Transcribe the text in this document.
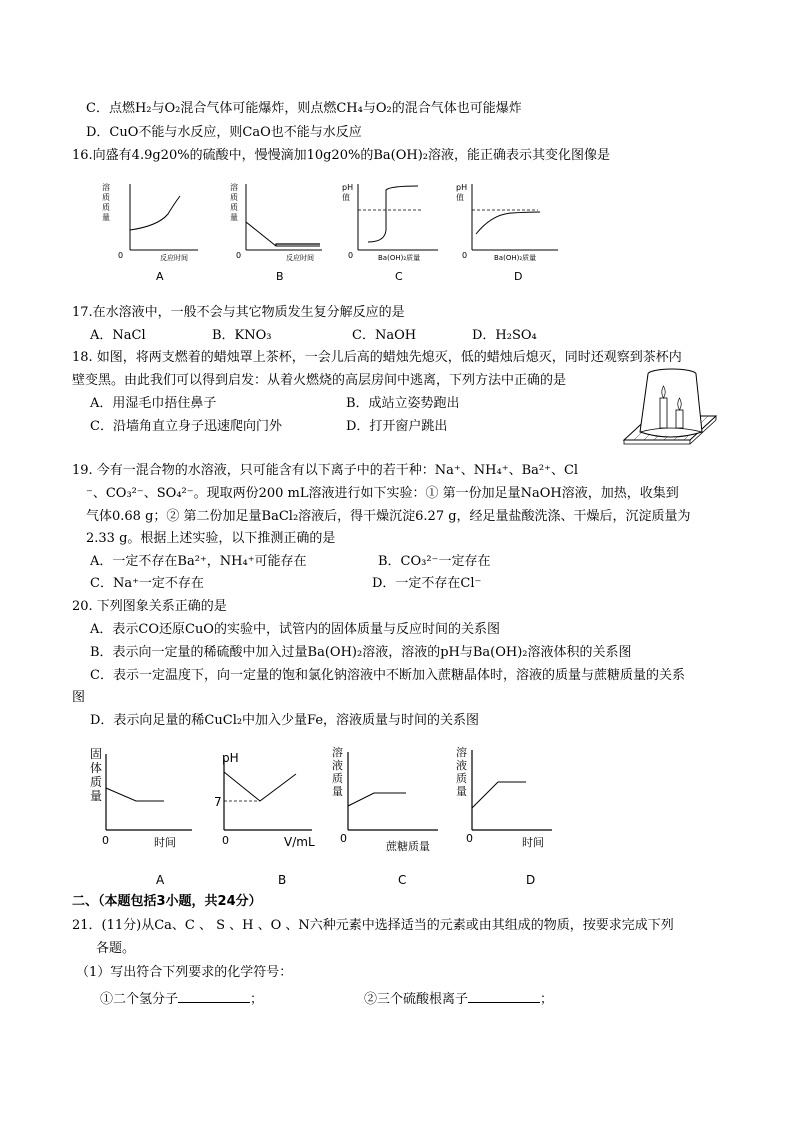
C．点燃H₂与O₂混合气体可能爆炸，则点燃CH₄与O₂的混合气体也可能爆炸
D．CuO不能与水反应，则CaO也不能与水反应
16.向盛有4.9g20%的硫酸中，慢慢滴加10g20%的Ba(OH)₂溶液，能正确表示其变化图像是
溶
质
质
量
0	反应时间
A
溶
质
质
量
0	反应时间
B
pH
值
0	Ba(OH)₂质量
C
pH
值
0	Ba(OH)₂质量
D
17.在水溶液中，一般不会与其它物质发生复分解反应的是
A．NaCl	B．KNO₃	C．NaOH	D．H₂SO₄
18. 如图，将两支燃着的蜡烛罩上茶杯，一会儿后高的蜡烛先熄灭，低的蜡烛后熄灭，同时还观察到茶杯内
壁变黑。由此我们可以得到启发：从着火燃烧的高层房间中逃离，下列方法中正确的是
A．用湿毛巾捂住鼻子	B．成站立姿势跑出
C．沿墙角直立身子迅速爬向门外	D．打开窗户跳出
19. 今有一混合物的水溶液，只可能含有以下离子中的若干种：Na⁺、NH₄⁺、Ba²⁺、Cl
⁻、CO₃²⁻、SO₄²⁻。现取两份200 mL溶液进行如下实验：① 第一份加足量NaOH溶液，加热，收集到
气体0.68 g；② 第二份加足量BaCl₂溶液后，得干燥沉淀6.27 g，经足量盐酸洗涤、干燥后，沉淀质量为
2.33 g。根据上述实验，以下推测正确的是
A．一定不存在Ba²⁺，NH₄⁺可能存在	B．CO₃²⁻一定存在
C．Na⁺一定不存在	D．一定不存在Cl⁻
20. 下列图象关系正确的是
A．表示CO还原CuO的实验中，试管内的固体质量与反应时间的关系图
B．表示向一定量的稀硫酸中加入过量Ba(OH)₂溶液，溶液的pH与Ba(OH)₂溶液体积的关系图
C．表示一定温度下，向一定量的饱和氯化钠溶液中不断加入蔗糖晶体时，溶液的质量与蔗糖质量的关系
图
D．表示向足量的稀CuCl₂中加入少量Fe，溶液质量与时间的关系图
固
体
质
量
0	时间
A
pH
7
0	V/mL
B
溶
液
质
量
0
蔗糖质量
C
溶
液
质
量
0	时间
D
二、（本题包括3小题，共24分）
21．(11分)从Ca、C 、 S 、H 、O 、N六种元素中选择适当的元素或由其组成的物质，按要求完成下列
各题。
（1）写出符合下列要求的化学符号：
①二个氢分子	；	②三个硫酸根离子	；
